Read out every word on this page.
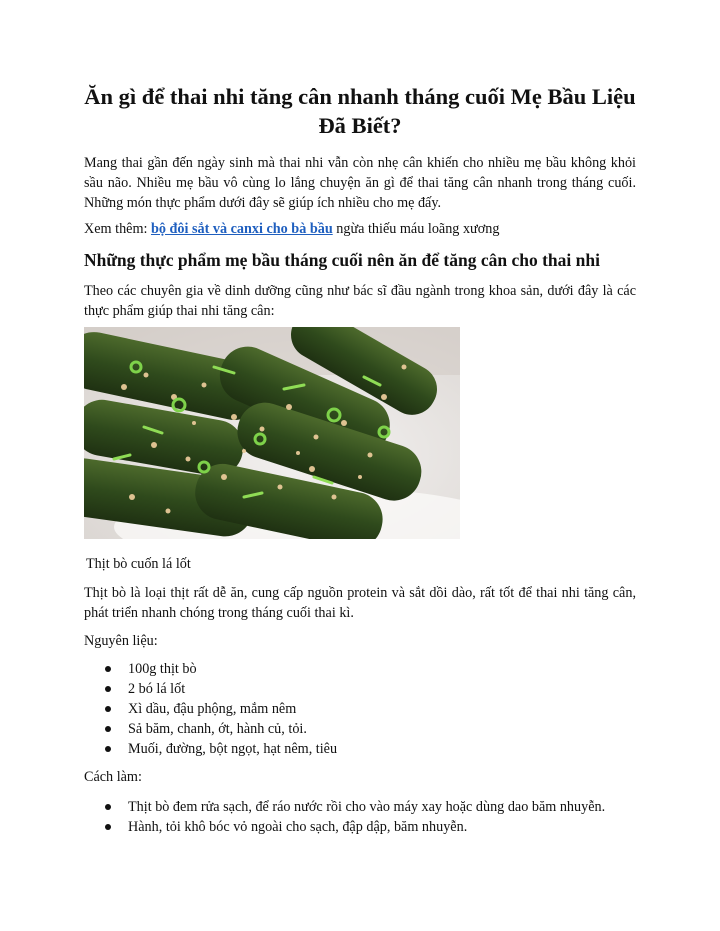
Ăn gì để thai nhi tăng cân nhanh tháng cuối Mẹ Bầu Liệu Đã Biết?

Mang thai gần đến ngày sinh mà thai nhi vẫn còn nhẹ cân khiến cho nhiều mẹ bầu không khỏi sầu não. Nhiều mẹ bầu vô cùng lo lắng chuyện ăn gì để thai tăng cân nhanh trong tháng cuối. Những món thực phẩm dưới đây sẽ giúp ích nhiều cho mẹ đấy.

Xem thêm: bộ đôi sắt và canxi cho bà bầu ngừa thiếu máu loãng xương

Những thực phẩm mẹ bầu tháng cuối nên ăn để tăng cân cho thai nhi

Theo các chuyên gia về dinh dưỡng cũng như bác sĩ đầu ngành trong khoa sản, dưới đây là các thực phẩm giúp thai nhi tăng cân:

Thịt bò cuốn lá lốt

Thịt bò là loại thịt rất dễ ăn, cung cấp nguồn protein và sắt dồi dào, rất tốt để thai nhi tăng cân, phát triển nhanh chóng trong tháng cuối thai kì.

Nguyên liệu:

100g thịt bò
2 bó lá lốt
Xì dầu, đậu phộng, mắm nêm
Sả băm, chanh, ớt, hành củ, tỏi.
Muối, đường, bột ngọt, hạt nêm, tiêu

Cách làm:

Thịt bò đem rửa sạch, để ráo nước rồi cho vào máy xay hoặc dùng dao băm nhuyễn.
Hành, tỏi khô bóc vỏ ngoài cho sạch, đập dập, băm nhuyễn.
